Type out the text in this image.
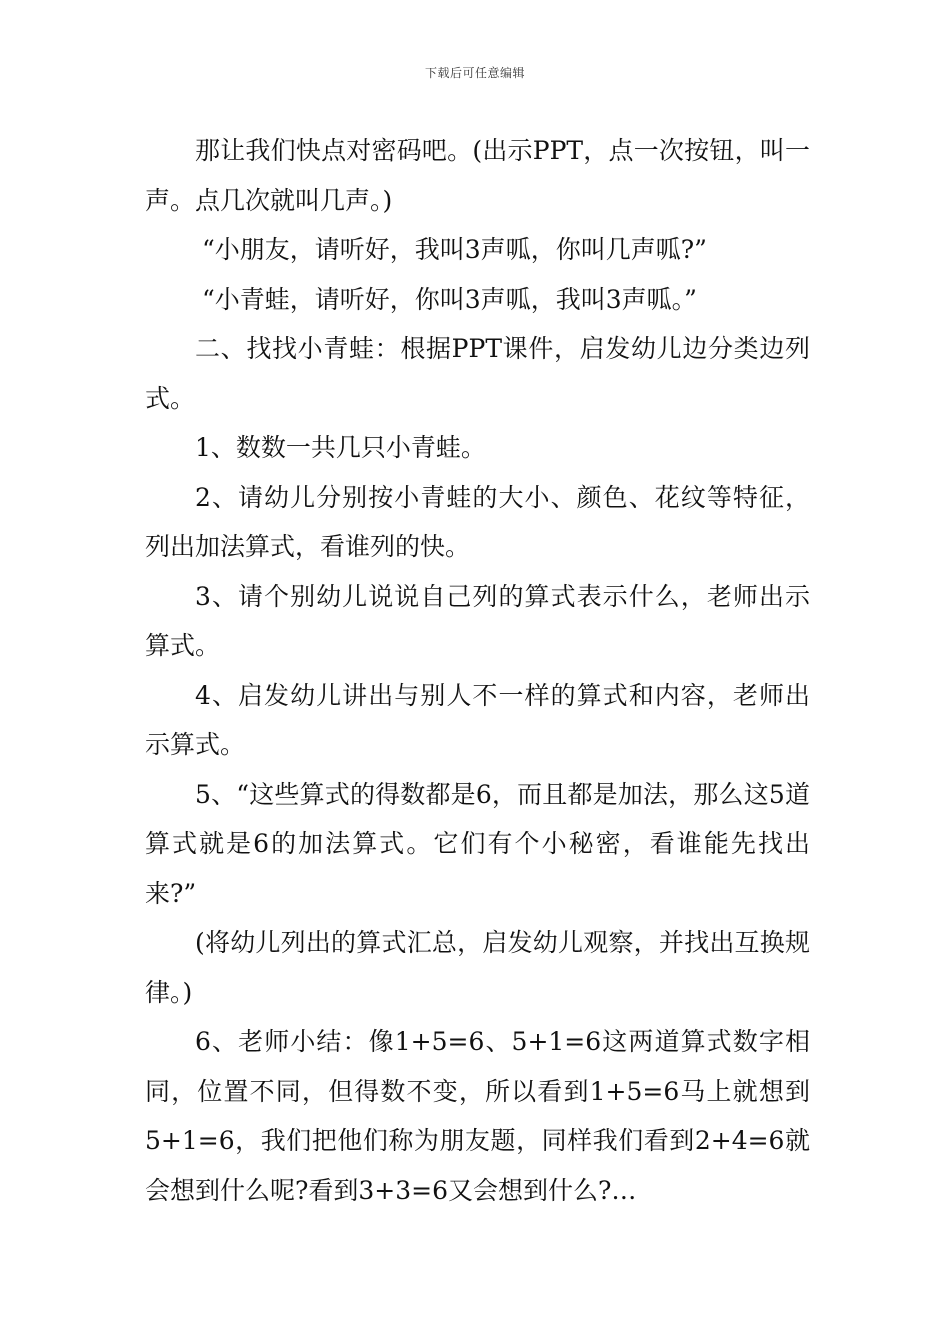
下载后可任意编辑

那让我们快点对密码吧。(出示PPT，点一次按钮，叫一声。点几次就叫几声。)

“小朋友，请听好，我叫3声呱，你叫几声呱?”

“小青蛙，请听好，你叫3声呱，我叫3声呱。”

二、找找小青蛙：根据PPT课件，启发幼儿边分类边列式。

1、数数一共几只小青蛙。

2、请幼儿分别按小青蛙的大小、颜色、花纹等特征，列出加法算式，看谁列的快。

3、请个别幼儿说说自己列的算式表示什么，老师出示算式。

4、启发幼儿讲出与别人不一样的算式和内容，老师出示算式。

5、“这些算式的得数都是6，而且都是加法，那么这5道算式就是6的加法算式。它们有个小秘密，看谁能先找出来?”

(将幼儿列出的算式汇总，启发幼儿观察，并找出互换规律。)

6、老师小结：像1+5=6、5+1=6这两道算式数字相同，位置不同，但得数不变，所以看到1+5=6马上就想到5+1=6，我们把他们称为朋友题，同样我们看到2+4=6就会想到什么呢?看到3+3=6又会想到什么?…
